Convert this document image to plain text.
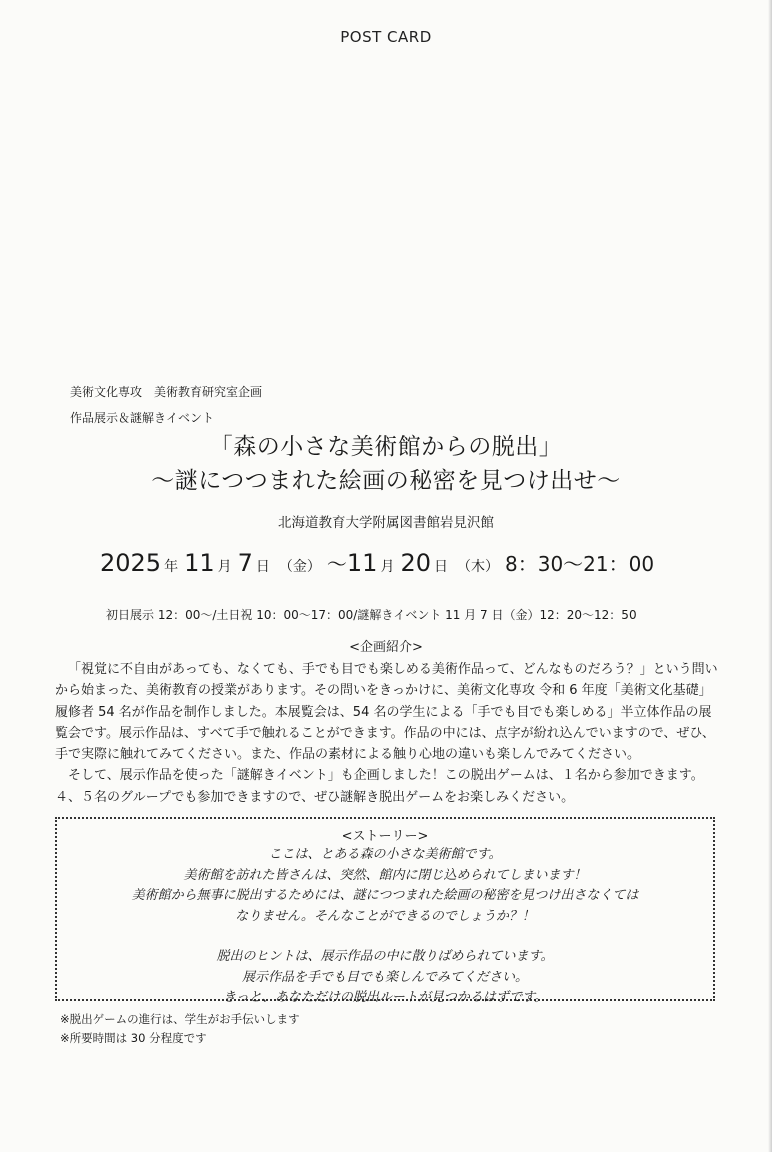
POST CARD
美術文化専攻　美術教育研究室企画
作品展示＆謎解きイベント
「森の小さな美術館からの脱出」
〜謎につつまれた絵画の秘密を見つけ出せ〜
北海道教育大学附属図書館岩見沢館
2025 年 11 月 7 日 （金） 〜11 月 20 日 （木） 8：30〜21：00
初日展示 12：00〜/土日祝 10：00〜17：00/謎解きイベント 11 月 7 日（金）12：20〜12：50
<企画紹介>

「視覚に不自由があっても、なくても、手でも目でも楽しめる美術作品って、どんなものだろう？」という問いから始まった、美術教育の授業があります。その問いをきっかけに、美術文化専攻 令和 6 年度「美術文化基礎」履修者 54 名が作品を制作しました。本展覧会は、54 名の学生による「手でも目でも楽しめる」半立体作品の展覧会です。展示作品は、すべて手で触れることができます。作品の中には、点字が紛れ込んでいますので、ぜひ、手で実際に触れてみてください。また、作品の素材による触り心地の違いも楽しんでみてください。

そして、展示作品を使った「謎解きイベント」も企画しました！この脱出ゲームは、１名から参加できます。４、５名のグループでも参加できますので、ぜひ謎解き脱出ゲームをお楽しみください。

<ストーリー>
ここは、とある森の小さな美術館です。
美術館を訪れた皆さんは、突然、館内に閉じ込められてしまいます！
美術館から無事に脱出するためには、謎につつまれた絵画の秘密を見つけ出さなくては
なりません。そんなことができるのでしょうか？！
脱出のヒントは、展示作品の中に散りばめられています。
展示作品を手でも目でも楽しんでみてください。
きっと、あなただけの脱出ルートが見つかるはずです。
※脱出ゲームの進行は、学生がお手伝いします
※所要時間は 30 分程度です
